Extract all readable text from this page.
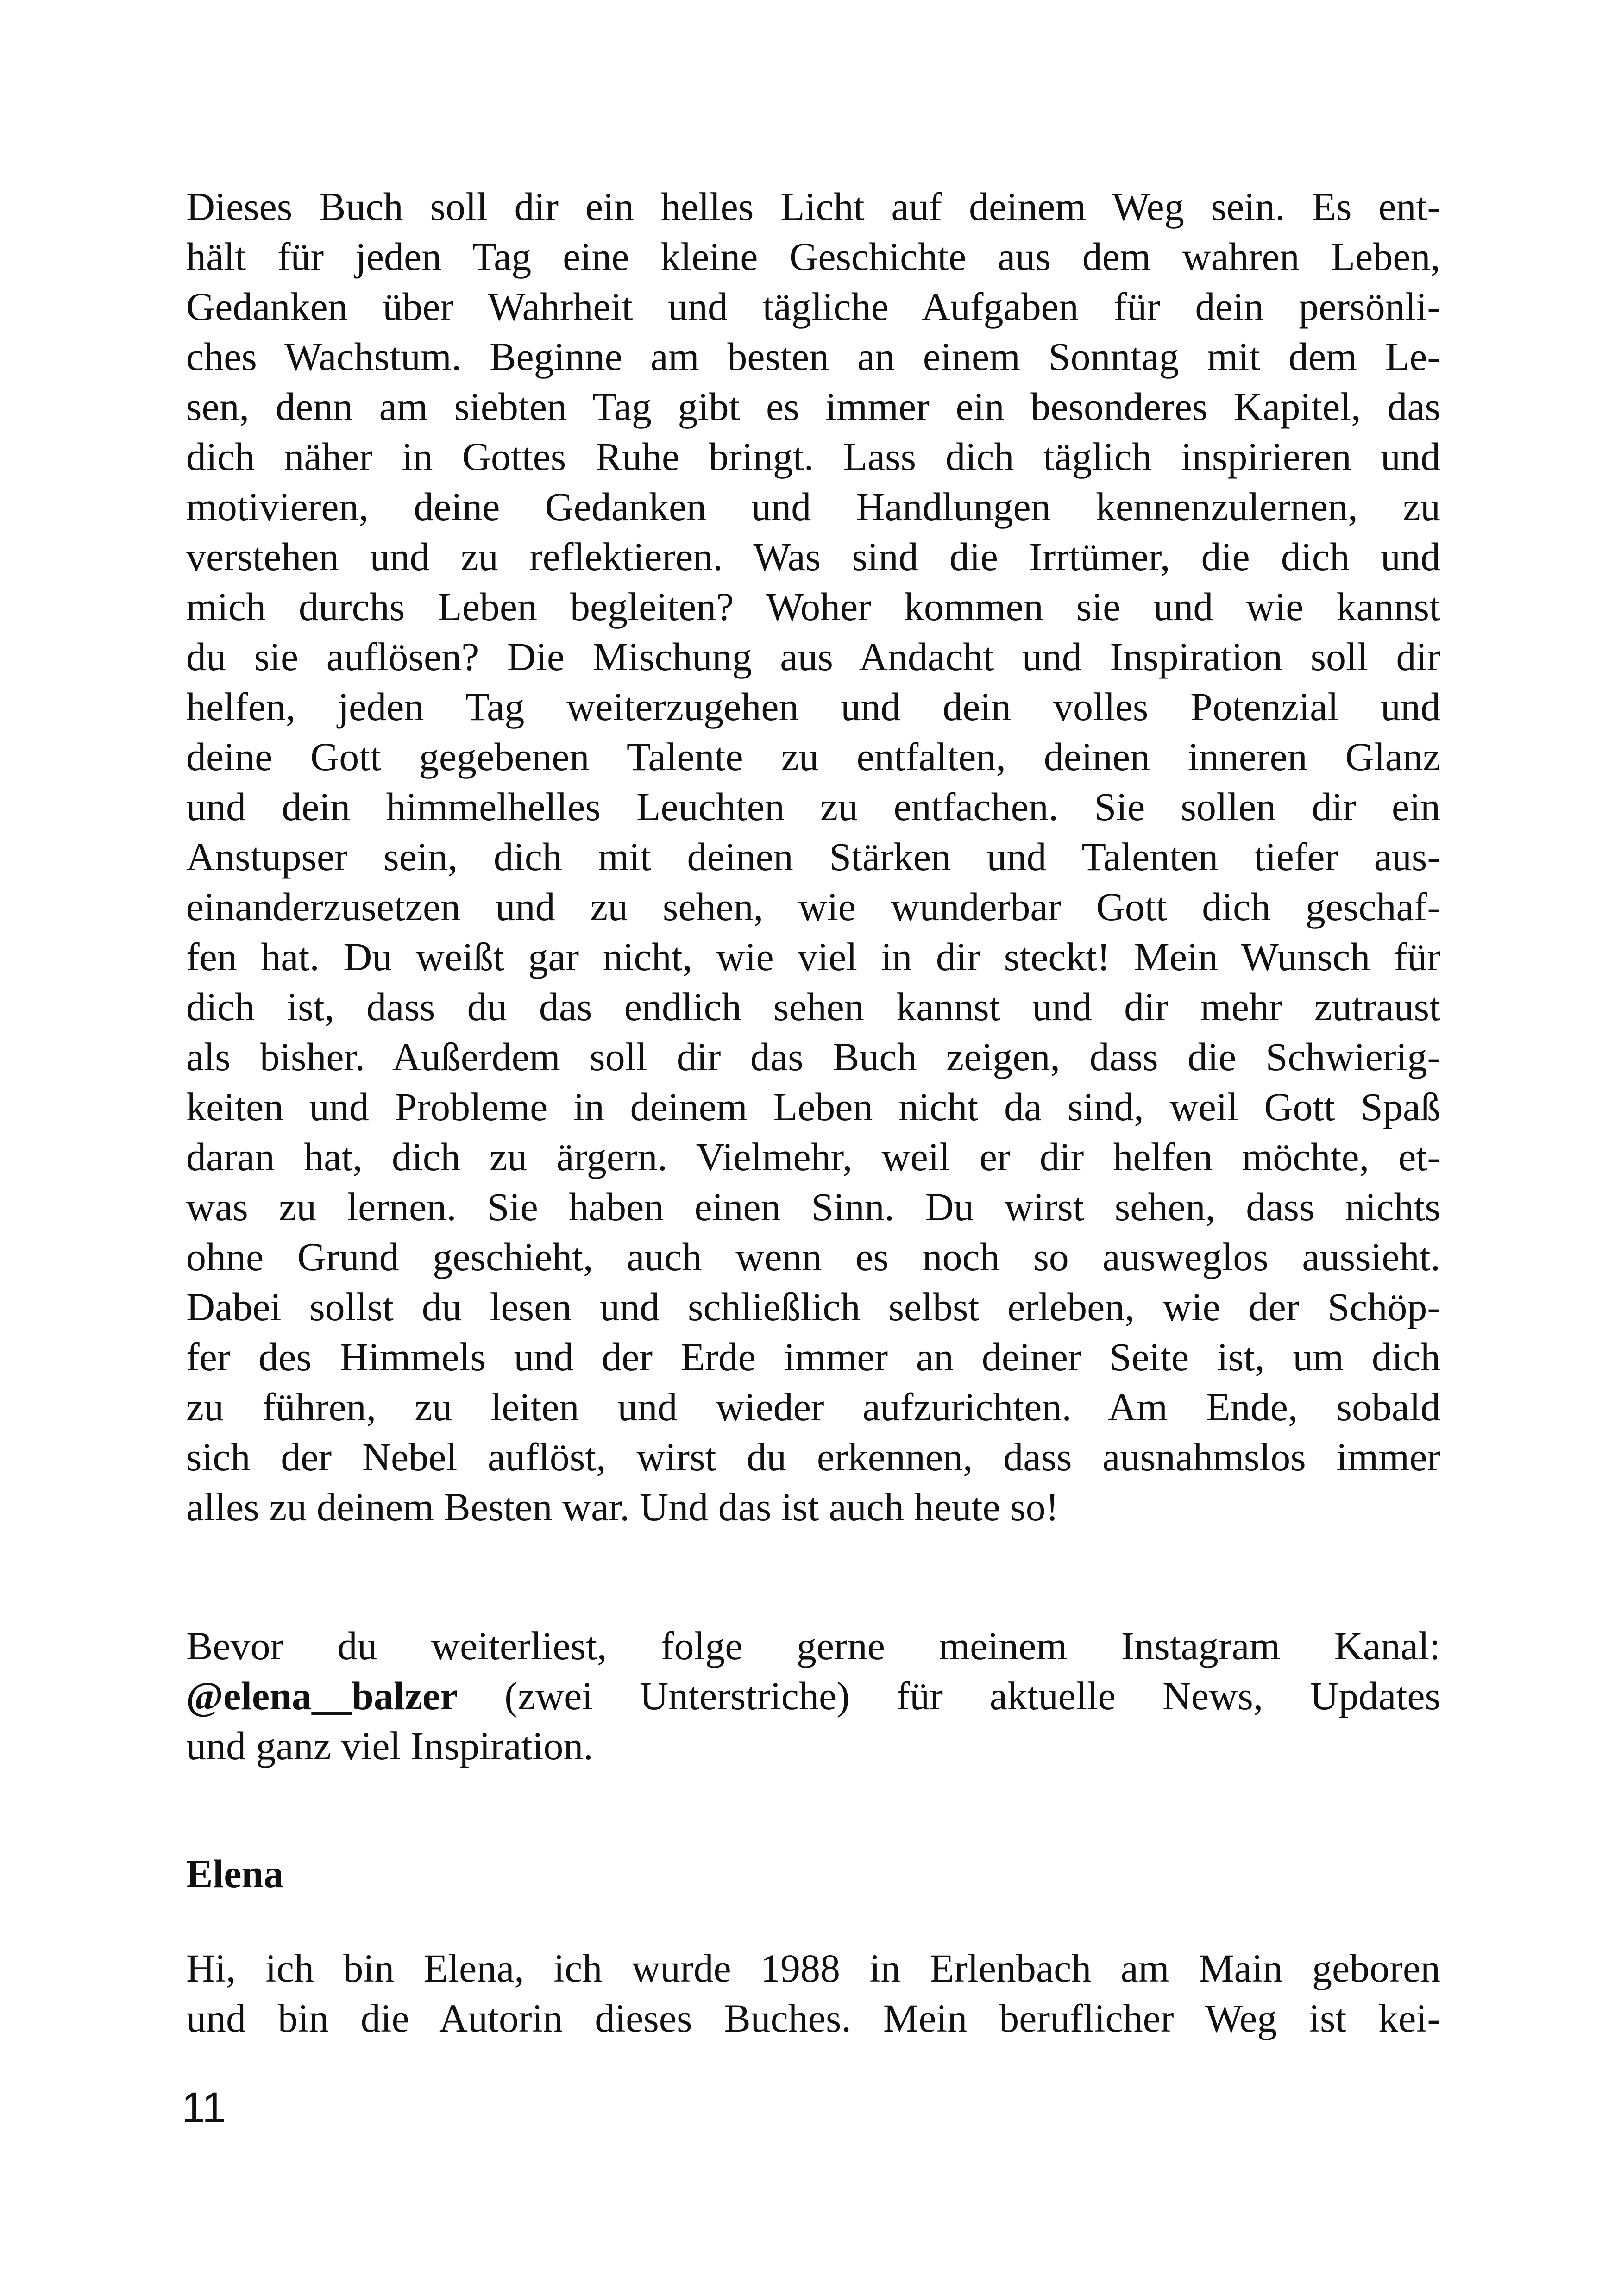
Dieses Buch soll dir ein helles Licht auf deinem Weg sein. Es ent-

hält für jeden Tag eine kleine Geschichte aus dem wahren Leben,

Gedanken über Wahrheit und tägliche Aufgaben für dein persönli-

ches Wachstum. Beginne am besten an einem Sonntag mit dem Le-

sen, denn am siebten Tag gibt es immer ein besonderes Kapitel, das

dich näher in Gottes Ruhe bringt. Lass dich täglich inspirieren und

motivieren, deine Gedanken und Handlungen kennenzulernen, zu

verstehen und zu reflektieren. Was sind die Irrtümer, die dich und

mich durchs Leben begleiten? Woher kommen sie und wie kannst

du sie auflösen? Die Mischung aus Andacht und Inspiration soll dir

helfen, jeden Tag weiterzugehen und dein volles Potenzial und

deine Gott gegebenen Talente zu entfalten, deinen inneren Glanz

und dein himmelhelles Leuchten zu entfachen. Sie sollen dir ein

Anstupser sein, dich mit deinen Stärken und Talenten tiefer aus-

einanderzusetzen und zu sehen, wie wunderbar Gott dich geschaf-

fen hat. Du weißt gar nicht, wie viel in dir steckt! Mein Wunsch für

dich ist, dass du das endlich sehen kannst und dir mehr zutraust

als bisher. Außerdem soll dir das Buch zeigen, dass die Schwierig-

keiten und Probleme in deinem Leben nicht da sind, weil Gott Spaß

daran hat, dich zu ärgern. Vielmehr, weil er dir helfen möchte, et-

was zu lernen. Sie haben einen Sinn. Du wirst sehen, dass nichts

ohne Grund geschieht, auch wenn es noch so ausweglos aussieht.

Dabei sollst du lesen und schließlich selbst erleben, wie der Schöp-

fer des Himmels und der Erde immer an deiner Seite ist, um dich

zu führen, zu leiten und wieder aufzurichten. Am Ende, sobald

sich der Nebel auflöst, wirst du erkennen, dass ausnahmslos immer

alles zu deinem Besten war. Und das ist auch heute so!

Bevor du weiterliest, folge gerne meinem Instagram Kanal:

@elena__balzer (zwei Unterstriche) für aktuelle News, Updates

und ganz viel Inspiration.

Elena

Hi, ich bin Elena, ich wurde 1988 in Erlenbach am Main geboren

und bin die Autorin dieses Buches. Mein beruflicher Weg ist kei-

11
